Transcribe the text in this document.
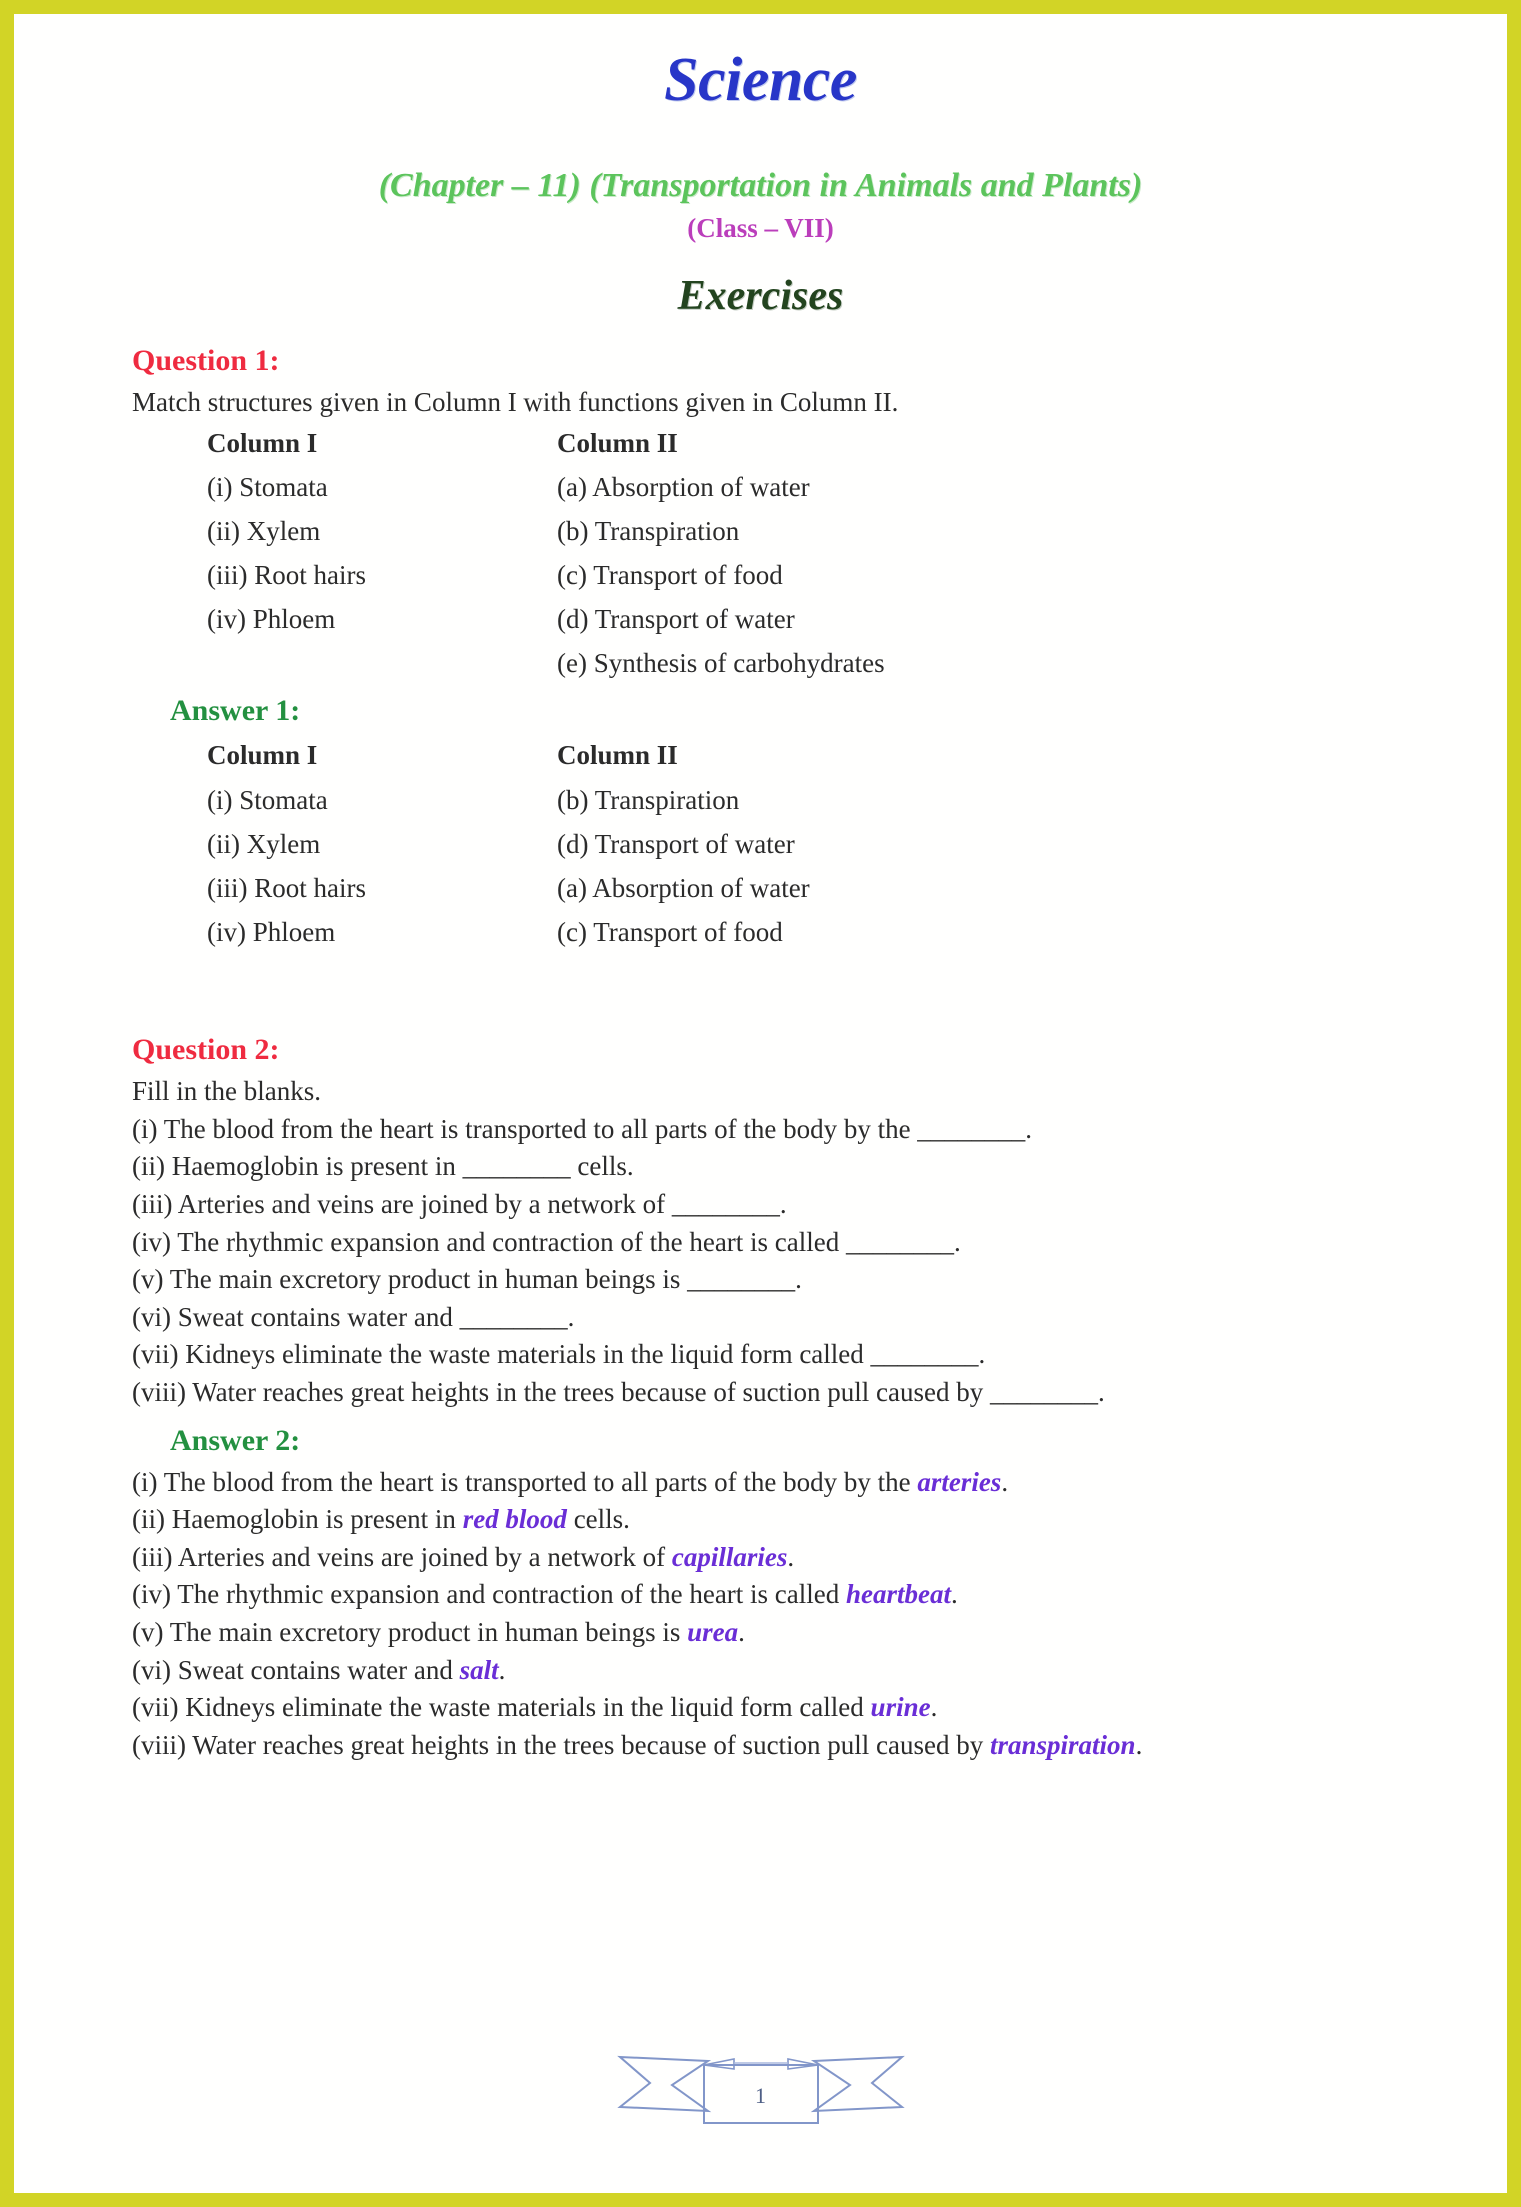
Science
(Chapter – 11) (Transportation in Animals and Plants)
(Class – VII)
Exercises
Question 1:
Match structures given in Column I with functions given in Column II.
Column I	Column II

(i) Stomata	(a) Absorption of water

(ii) Xylem	(b) Transpiration

(iii) Root hairs	(c) Transport of food

(iv) Phloem	(d) Transport of water

	(e) Synthesis of carbohydrates
Answer 1:
Column I	Column II

(i) Stomata	(b) Transpiration

(ii) Xylem	(d) Transport of water

(iii) Root hairs	(a) Absorption of water

(iv) Phloem	(c) Transport of food
Question 2:
Fill in the blanks.
(i) The blood from the heart is transported to all parts of the body by the ________.
(ii) Haemoglobin is present in ________ cells.
(iii) Arteries and veins are joined by a network of ________.
(iv) The rhythmic expansion and contraction of the heart is called ________.
(v) The main excretory product in human beings is ________.
(vi) Sweat contains water and ________.
(vii) Kidneys eliminate the waste materials in the liquid form called ________.
(viii) Water reaches great heights in the trees because of suction pull caused by ________.
Answer 2:
(i) The blood from the heart is transported to all parts of the body by the arteries.
(ii) Haemoglobin is present in red blood cells.
(iii) Arteries and veins are joined by a network of capillaries.
(iv) The rhythmic expansion and contraction of the heart is called heartbeat.
(v) The main excretory product in human beings is urea.
(vi) Sweat contains water and salt.
(vii) Kidneys eliminate the waste materials in the liquid form called urine.
(viii) Water reaches great heights in the trees because of suction pull caused by transpiration.
1
